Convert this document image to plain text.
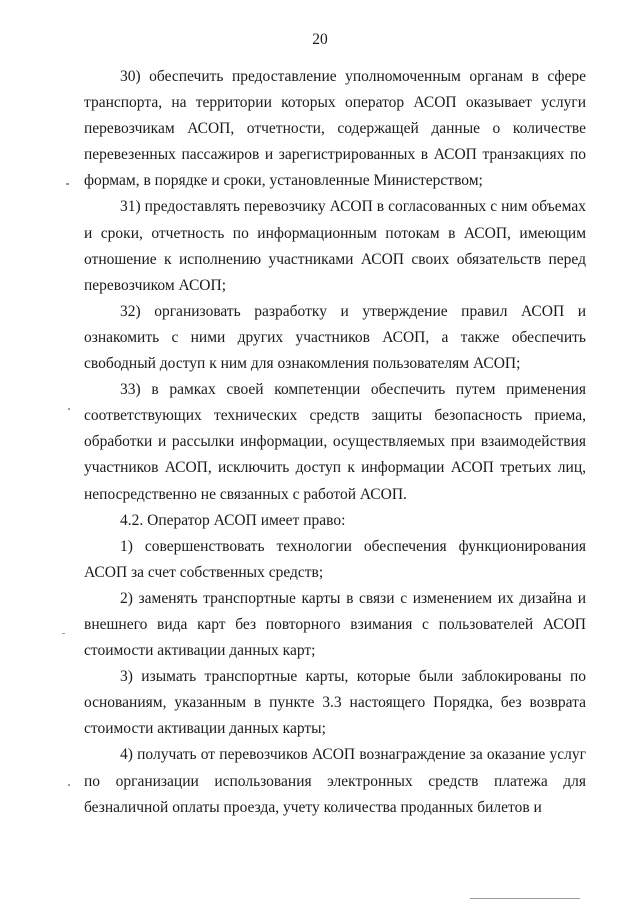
20

30) обеспечить предоставление уполномоченным органам в сфере транспорта, на территории которых оператор АСОП оказывает услуги перевозчикам АСОП, отчетности, содержащей данные о количестве перевезенных пассажиров и зарегистрированных в АСОП транзакциях по формам, в порядке и сроки, установленные Министерством;

31) предоставлять перевозчику АСОП в согласованных с ним объемах и сроки, отчетность по информационным потокам в АСОП, имеющим отношение к исполнению участниками АСОП своих обязательств перед перевозчиком АСОП;

32) организовать разработку и утверждение правил АСОП и ознакомить с ними других участников АСОП, а также обеспечить свободный доступ к ним для ознакомления пользователям АСОП;

33) в рамках своей компетенции обеспечить путем применения соответствующих технических средств защиты безопасность приема, обработки и рассылки информации, осуществляемых при взаимодействия участников АСОП, исключить доступ к информации АСОП третьих лиц, непосредственно не связанных с работой АСОП.

4.2. Оператор АСОП имеет право:

1) совершенствовать технологии обеспечения функционирования АСОП за счет собственных средств;

2) заменять транспортные карты в связи с изменением их дизайна и внешнего вида карт без повторного взимания с пользователей АСОП стоимости активации данных карт;

3) изымать транспортные карты, которые были заблокированы по основаниям, указанным в пункте 3.3 настоящего Порядка, без возврата стоимости активации данных карты;

4) получать от перевозчиков АСОП вознаграждение за оказание услуг по организации использования электронных средств платежа для безналичной оплаты проезда, учету количества проданных билетов и
